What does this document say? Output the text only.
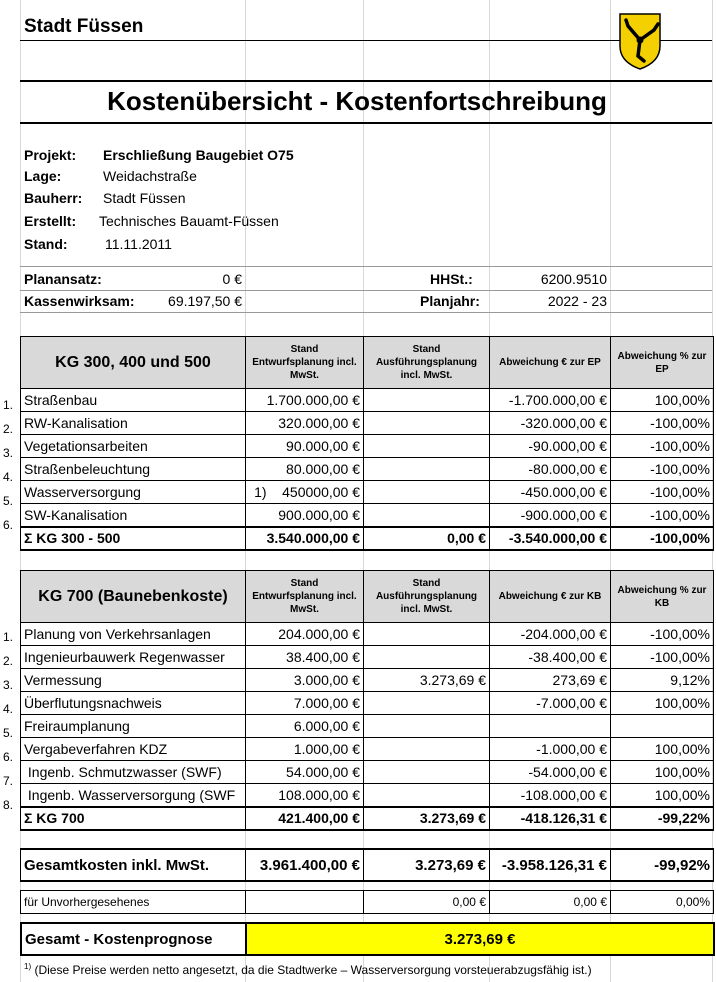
Stadt Füssen
Kostenübersicht - Kostenfortschreibung
Projekt: Erschließung Baugebiet O75
Lage:	Weidachstraße
Bauherr: Stadt Füssen
Erstellt: Technisches Bauamt-Füssen
Stand:	11.11.2011
Planansatz:	0 €	HHSt.:	6200.9510
Kassenwirksam:	69.197,50 €	Planjahr:	2022 - 23
KG 300, 400 und 500	Stand Entwurfsplanung incl. MwSt.	Stand Ausführungsplanung incl. MwSt.	Abweichung € zur EP	Abweichung % zur EP
Straßenbau	1.700.000,00 €		-1.700.000,00 €	100,00%
RW-Kanalisation	320.000,00 €		-320.000,00 €	-100,00%
Vegetationsarbeiten	90.000,00 €		-90.000,00 €	-100,00%
Straßenbeleuchtung	80.000,00 €		-80.000,00 €	-100,00%
Wasserversorgung	1)    450000,00 €		-450.000,00 €	-100,00%
SW-Kanalisation	900.000,00 €		-900.000,00 €	-100,00%
Σ KG 300 - 500	3.540.000,00 €	0,00 €	-3.540.000,00 €	-100,00%
1.
2.
3.
4.
5.
6.
KG 700 (Baunebenkoste)	Stand Entwurfsplanung incl. MwSt.	Stand Ausführungsplanung incl. MwSt.	Abweichung € zur KB	Abweichung % zur KB
Planung von Verkehrsanlagen	204.000,00 €		-204.000,00 €	-100,00%
Ingenieurbauwerk Regenwasser	38.400,00 €		-38.400,00 €	-100,00%
Vermessung	3.000,00 €	3.273,69 €	273,69 €	9,12%
Überflutungsnachweis	7.000,00 €		-7.000,00 €	100,00%
Freiraumplanung	6.000,00 €			
Vergabeverfahren KDZ	1.000,00 €		-1.000,00 €	100,00%
Ingenb. Schmutzwasser (SWF)	54.000,00 €		-54.000,00 €	100,00%
Ingenb. Wasserversorgung (SWF	108.000,00 €		-108.000,00 €	100,00%
Σ KG 700	421.400,00 €	3.273,69 €	-418.126,31 €	-99,22%
1.
2.
3.
4.
5.
6.
7.
8.
Gesamtkosten inkl. MwSt.	3.961.400,00 €	3.273,69 €	-3.958.126,31 €	-99,92%
für Unvorhergesehenes		0,00 €	0,00 €	0,00%
Gesamt - Kostenprognose	3.273,69 €
$^{1)}$ (Diese Preise werden netto angesetzt, da die Stadtwerke – Wasserversorgung vorsteuerabzugsfähig ist.)
